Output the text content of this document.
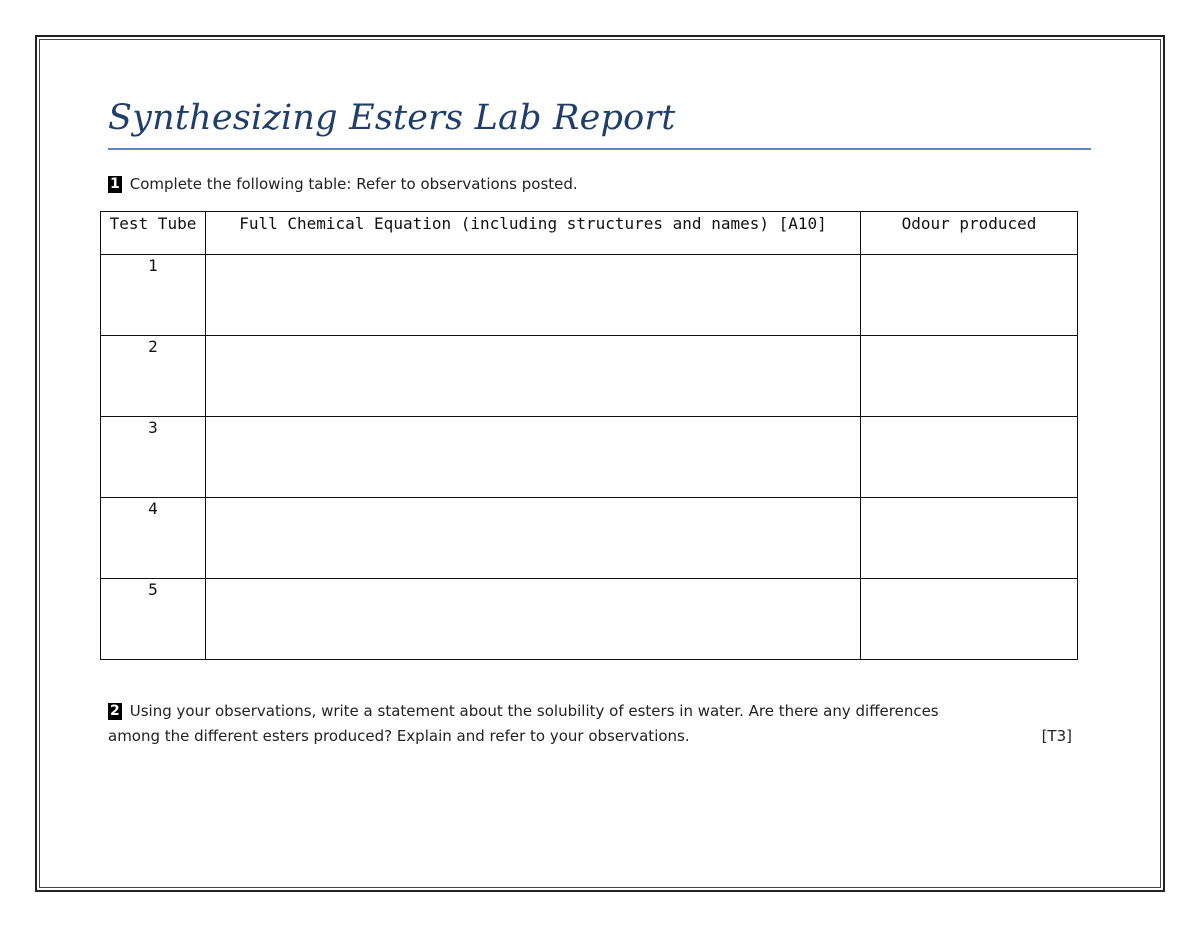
Synthesizing Esters Lab Report
1 Complete the following table: Refer to observations posted.
Test Tube	Full Chemical Equation (including structures and names) [A10]	Odour produced
1		
2		
3		
4		
5		
2 Using your observations, write a statement about the solubility of esters in water. Are there any differences
among the different esters produced? Explain and refer to your observations.	[T3]
